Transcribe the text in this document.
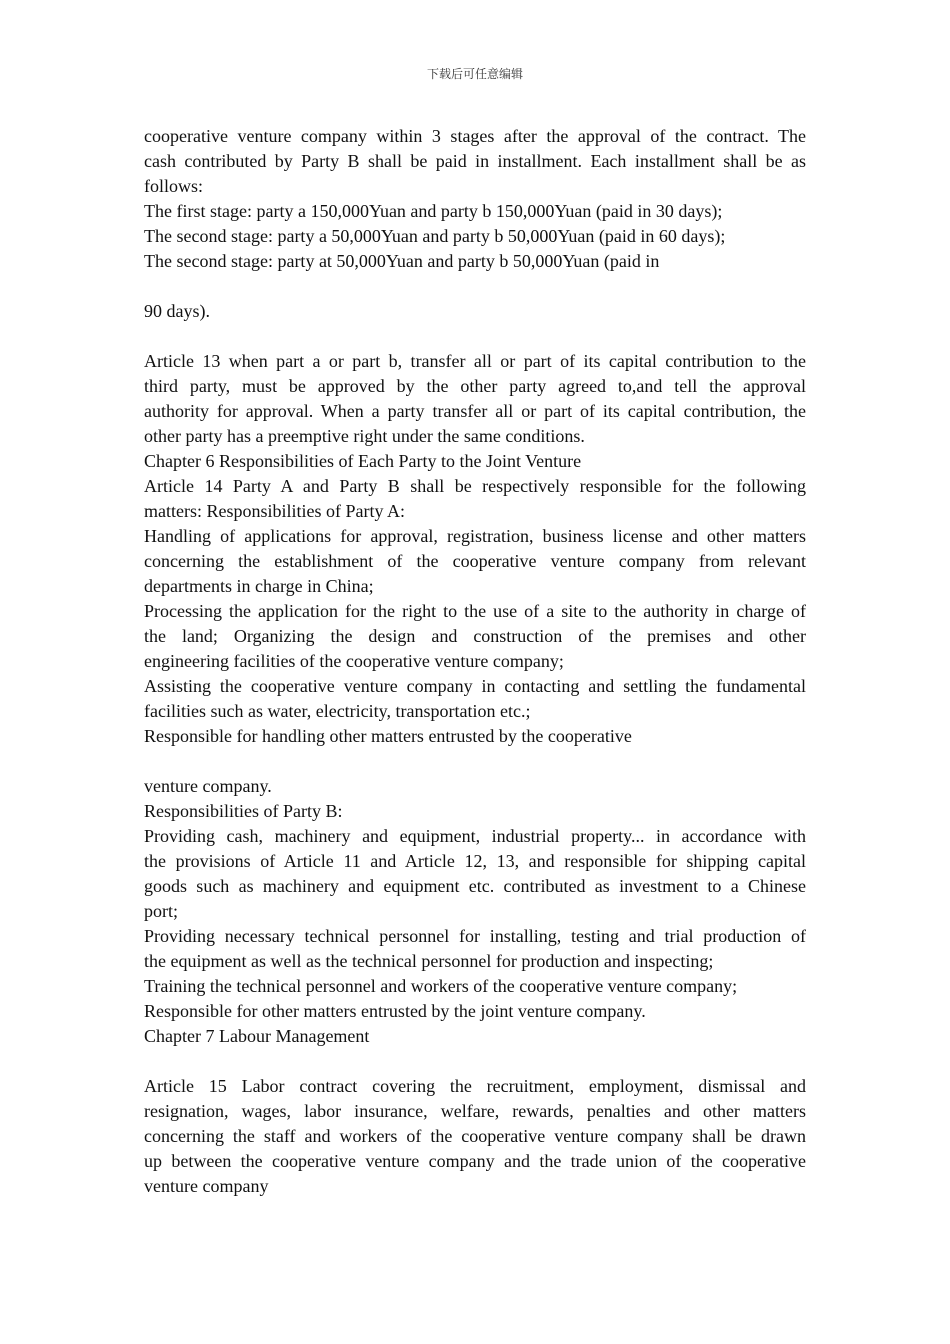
下载后可任意编辑
cooperative venture company within 3 stages after the approval of the contract. The
cash contributed by Party B shall be paid in installment. Each installment shall be as
follows:
The first stage: party a 150,000Yuan and party b 150,000Yuan (paid in 30 days);
The second stage: party a 50,000Yuan and party b 50,000Yuan (paid in 60 days);
The second stage: party at 50,000Yuan and party b 50,000Yuan (paid in
90 days).
Article 13 when part a or part b, transfer all or part of its capital contribution to the
third party, must be approved by the other party agreed to,and tell the approval
authority for approval. When a party transfer all or part of its capital contribution, the
other party has a preemptive right under the same conditions.
Chapter 6 Responsibilities of Each Party to the Joint Venture
Article 14 Party A and Party B shall be respectively responsible for the following
matters: Responsibilities of Party A:
Handling of applications for approval, registration, business license and other matters
concerning the establishment of the cooperative venture company from relevant
departments in charge in China;
Processing the application for the right to the use of a site to the authority in charge of
the land; Organizing the design and construction of the premises and other
engineering facilities of the cooperative venture company;
Assisting the cooperative venture company in contacting and settling the fundamental
facilities such as water, electricity, transportation etc.;
Responsible for handling other matters entrusted by the cooperative
venture company.
Responsibilities of Party B:
Providing cash, machinery and equipment, industrial property... in accordance with
the provisions of Article 11 and Article 12, 13, and responsible for shipping capital
goods such as machinery and equipment etc. contributed as investment to a Chinese
port;
Providing necessary technical personnel for installing, testing and trial production of
the equipment as well as the technical personnel for production and inspecting;
Training the technical personnel and workers of the cooperative venture company;
Responsible for other matters entrusted by the joint venture company.
Chapter 7 Labour Management
Article 15 Labor contract covering the recruitment, employment, dismissal and
resignation, wages, labor insurance, welfare, rewards, penalties and other matters
concerning the staff and workers of the cooperative venture company shall be drawn
up between the cooperative venture company and the trade union of the cooperative
venture company
